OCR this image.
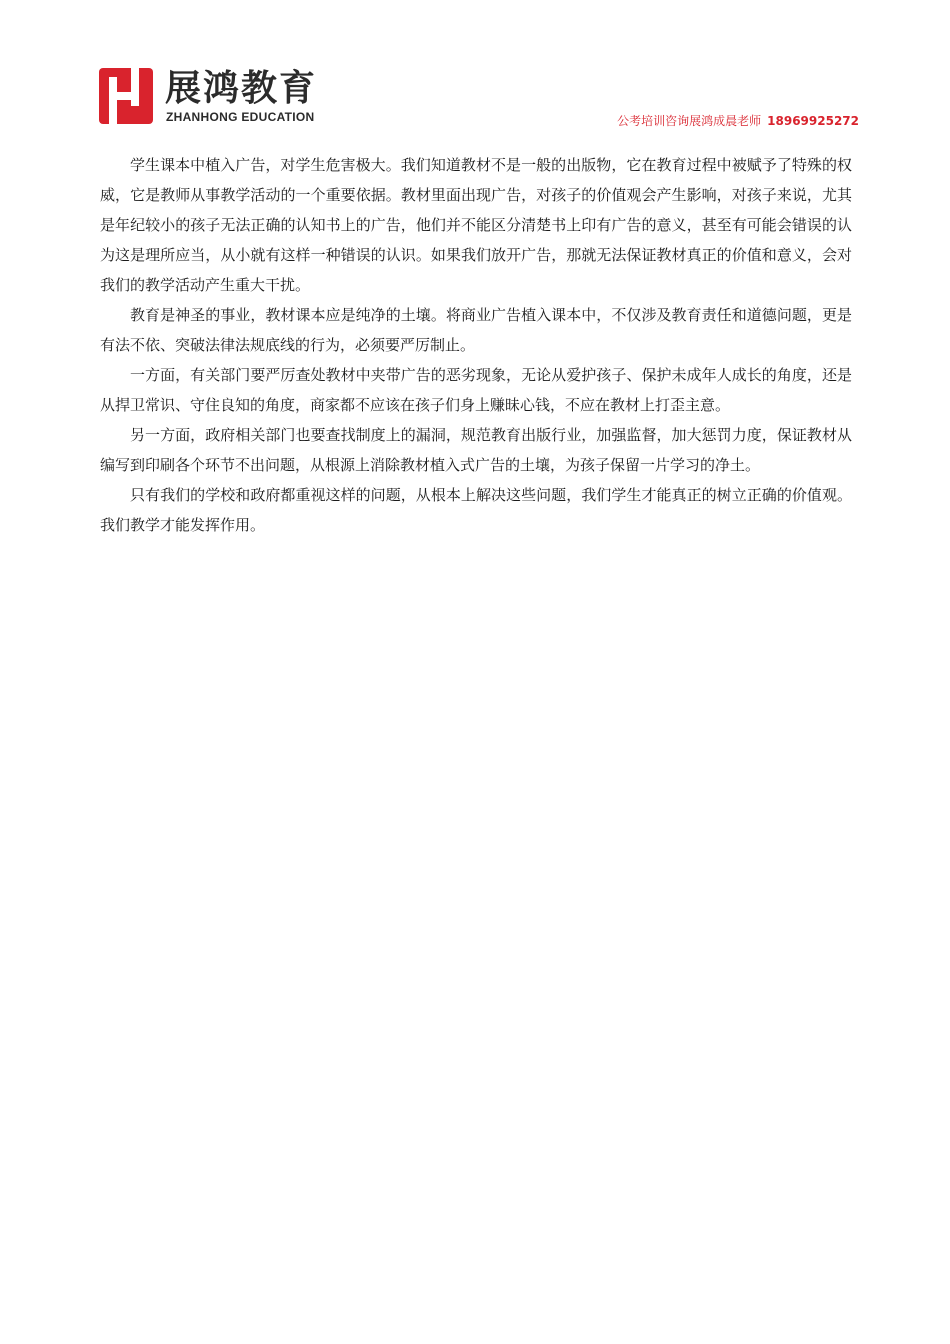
展鸿教育
ZHANHONG EDUCATION	公考培训咨询展鸿成晨老师 18969925272

学生课本中植入广告，对学生危害极大。我们知道教材不是一般的出版物，它在教育过程中被赋予了特殊的权威，它是教师从事教学活动的一个重要依据。教材里面出现广告，对孩子的价值观会产生影响，对孩子来说，尤其是年纪较小的孩子无法正确的认知书上的广告，他们并不能区分清楚书上印有广告的意义，甚至有可能会错误的认为这是理所应当，从小就有这样一种错误的认识。如果我们放开广告，那就无法保证教材真正的价值和意义，会对我们的教学活动产生重大干扰。

教育是神圣的事业，教材课本应是纯净的土壤。将商业广告植入课本中，不仅涉及教育责任和道德问题，更是有法不依、突破法律法规底线的行为，必须要严厉制止。

一方面，有关部门要严厉查处教材中夹带广告的恶劣现象，无论从爱护孩子、保护未成年人成长的角度，还是从捍卫常识、守住良知的角度，商家都不应该在孩子们身上赚昧心钱，不应在教材上打歪主意。

另一方面，政府相关部门也要查找制度上的漏洞，规范教育出版行业，加强监督，加大惩罚力度，保证教材从编写到印刷各个环节不出问题，从根源上消除教材植入式广告的土壤，为孩子保留一片学习的净土。

只有我们的学校和政府都重视这样的问题，从根本上解决这些问题，我们学生才能真正的树立正确的价值观。我们教学才能发挥作用。
